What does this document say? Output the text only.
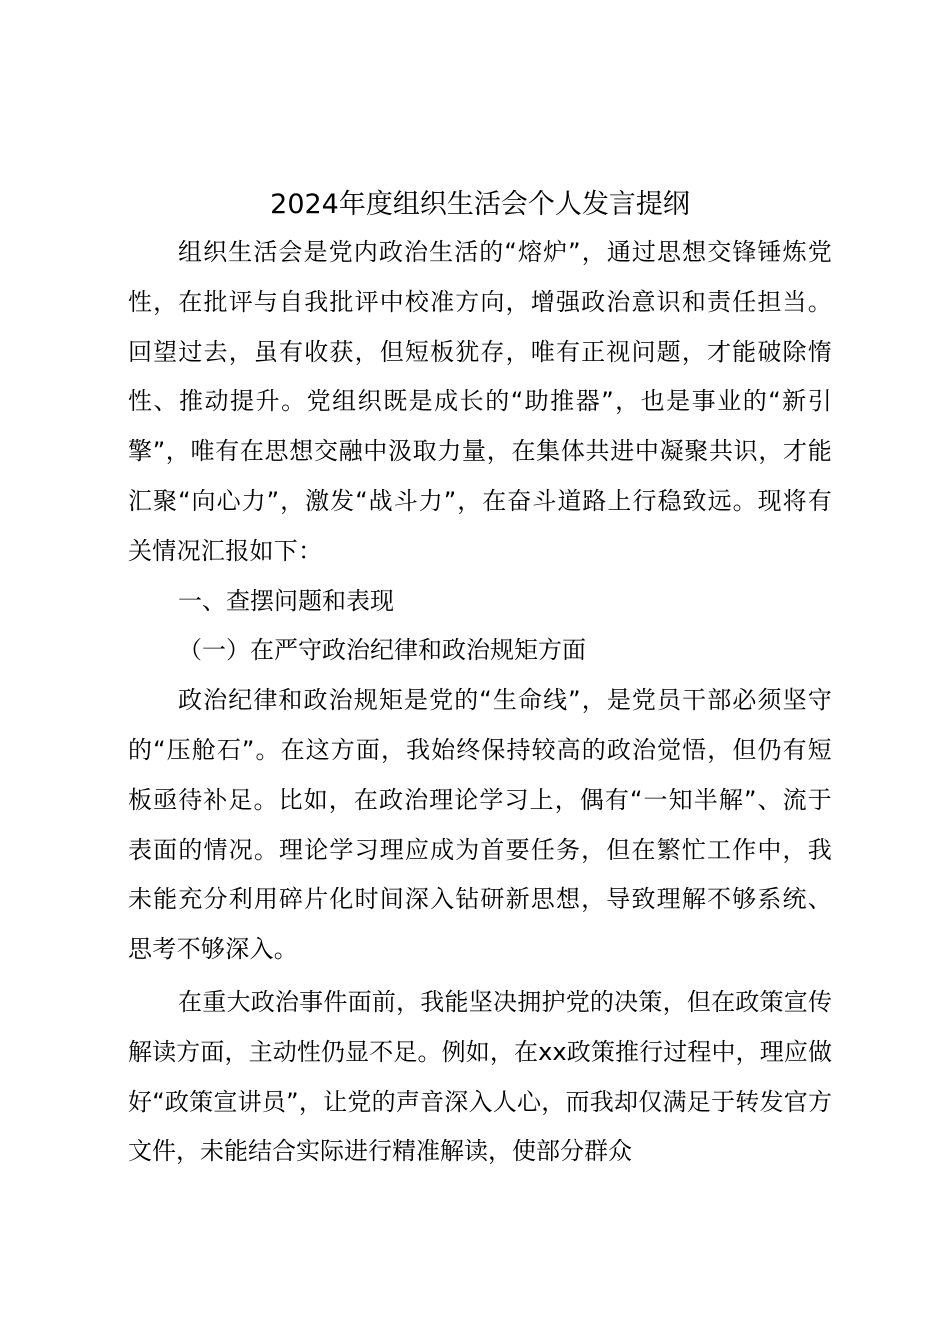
2024年度组织生活会个人发言提纲

组织生活会是党内政治生活的“熔炉”，通过思想交锋锤炼党性，在批评与自我批评中校准方向，增强政治意识和责任担当。回望过去，虽有收获，但短板犹存，唯有正视问题，才能破除惰性、推动提升。党组织既是成长的“助推器”，也是事业的“新引擎”，唯有在思想交融中汲取力量，在集体共进中凝聚共识，才能汇聚“向心力”，激发“战斗力”，在奋斗道路上行稳致远。现将有关情况汇报如下：

一、查摆问题和表现

（一）在严守政治纪律和政治规矩方面

政治纪律和政治规矩是党的“生命线”，是党员干部必须坚守的“压舱石”。在这方面，我始终保持较高的政治觉悟，但仍有短板亟待补足。比如，在政治理论学习上，偶有“一知半解”、流于表面的情况。理论学习理应成为首要任务，但在繁忙工作中，我未能充分利用碎片化时间深入钻研新思想，导致理解不够系统、思考不够深入。

在重大政治事件面前，我能坚决拥护党的决策，但在政策宣传解读方面，主动性仍显不足。例如，在xx政策推行过程中，理应做好“政策宣讲员”，让党的声音深入人心，而我却仅满足于转发官方文件，未能结合实际进行精准解读，使部分群众
